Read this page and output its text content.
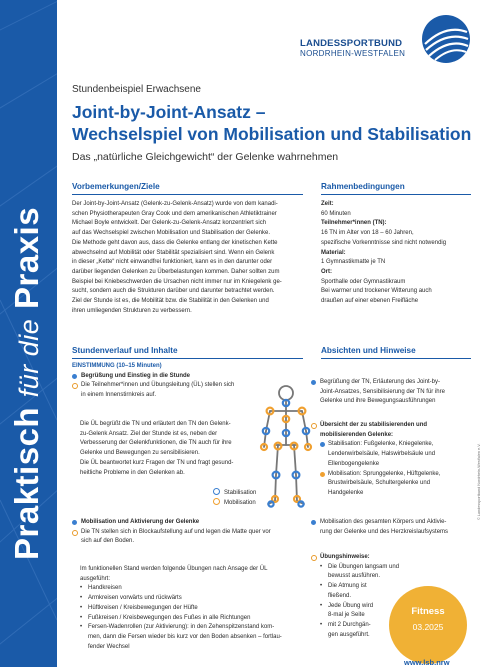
Praktisch für die Praxis
LANDESSPORTBUND
NORDRHEIN-WESTFALEN
Stundenbeispiel Erwachsene
Joint-by-Joint-Ansatz –
Wechselspiel von Mobilisation und Stabilisation
Das „natürliche Gleichgewicht“ der Gelenke wahrnehmen
Vorbemerkungen/Ziele

Der Joint-by-Joint-Ansatz (Gelenk-zu-Gelenk-Ansatz) wurde von dem kanadi-

schen Physiotherapeuten Gray Cook und dem amerikanischen Athletiktrainer

Michael Boyle entwickelt. Der Gelenk-zu-Gelenk-Ansatz konzentriert sich

auf das Wechselspiel zwischen Mobilisation und Stabilisation der Gelenke.

Die Methode geht davon aus, dass die Gelenke entlang der kinetischen Kette

abwechselnd auf Mobilität oder Stabilität spezialisiert sind. Wenn ein Gelenk

in dieser „Kette“ nicht einwandfrei funktioniert, kann es in den darunter oder

darüber liegenden Gelenken zu Überbelastungen kommen. Daher sollten zum

Beispiel bei Kniebeschwerden die Ursachen nicht immer nur im Kniegelenk ge-

sucht, sondern auch die Strukturen darüber und darunter betrachtet werden.

Ziel der Stunde ist es, die Mobilität bzw. die Stabilität in den Gelenken und

ihren umliegenden Strukturen zu verbessern.

Rahmenbedingungen

Zeit:

60 Minuten

Teilnehmer*innen (TN):

16 TN im Alter von 18 – 60 Jahren,

spezifische Vorkenntnisse sind nicht notwendig

Material:

1 Gymnastikmatte je TN

Ort:

Sporthalle oder Gymnastikraum

Bei warmer und trockener Witterung auch

draußen auf einer ebenen Freifläche

Stundenverlauf und Inhalte

EINSTIMMUNG (10–15 Minuten)

Begrüßung und Einstieg in die Stunde
Die Teilnehmer*innen und Übungsleitung (ÜL) stellen sich
in einem Innenstirnkreis auf.

Die ÜL begrüßt die TN und erläutert den TN den Gelenk-

zu-Gelenk Ansatz. Ziel der Stunde ist es, neben der

Verbesserung der Gelenkfunktionen, die TN auch für ihre

Gelenke und Bewegungen zu sensibilisieren.

Die ÜL beantwortet kurz Fragen der TN und fragt gesund-

heitliche Probleme in den Gelenken ab.

Stabilisation
Mobilisation
Mobilisation und Aktivierung der Gelenke
Die TN stellen sich in Blockaufstellung auf und legen die Matte quer vor
sich auf den Boden.

Im funktionellen Stand werden folgende Übungen nach Ansage der ÜL

ausgeführt:

• Handkreisen
• Armkreisen vorwärts und rückwärts
• Hüftkreisen / Kreisbewegungen der Hüfte
• Fußkreisen / Kreisbewegungen des Fußes in alle Richtungen
• Fersen-Wadenrollen (zur Aktivierung): in den Zehenspitzenstand kom-

men, dann die Fersen wieder bis kurz vor den Boden absenken – fortlau-

fender Wechsel

Absichten und Hinweise
Begrüßung der TN, Erläuterung des Joint-by-
Joint-Ansatzes, Sensibilisierung der TN für ihre
Gelenke und ihre Bewegungsausführungen
Übersicht der zu stabilisierenden und
mobilisierenden Gelenke:
Stabilisation: Fußgelenke, Kniegelenke,
Lendenwirbelsäule, Halswirbelsäule und
Ellenbogengelenke
Mobilisation: Sprunggelenke, Hüftgelenke,
Brustwirbelsäule, Schultergelenke und
Handgelenke
Mobilisation des gesamten Körpers und Aktivie-
rung der Gelenke und des Herzkreislaufsystems
Übungshinweise:
• Die Übungen langsam und
bewusst ausführen.
• Die Atmung ist
fließend.
• Jede Übung wird
8-mal je Seite
• mit 2 Durchgän-
gen ausgeführt.
Fitness
03.2025
© Landessportbund Nordrhein-Westfalen e.V.
www.lsb.nrw
